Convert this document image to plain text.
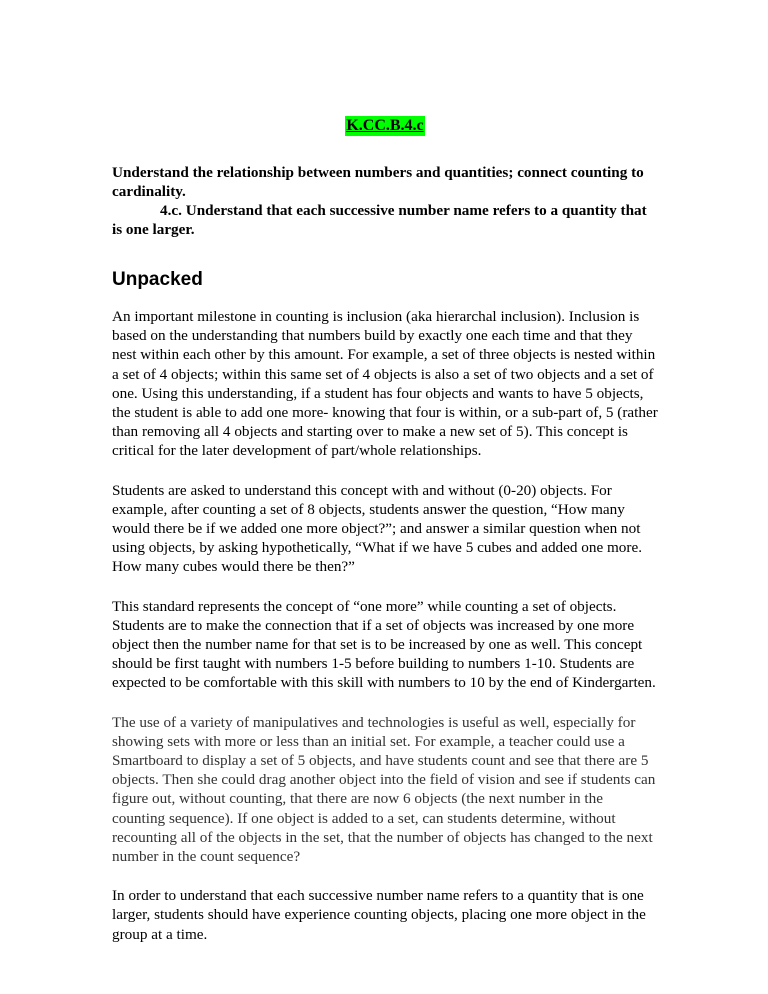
K.CC.B.4.c
Understand the relationship between numbers and quantities; connect counting to cardinality.
4.c. Understand that each successive number name refers to a quantity that is one larger.
Unpacked

An important milestone in counting is inclusion (aka hierarchal inclusion). Inclusion is based on the understanding that numbers build by exactly one each time and that they nest within each other by this amount. For example, a set of three objects is nested within a set of 4 objects; within this same set of 4 objects is also a set of two objects and a set of one. Using this understanding, if a student has four objects and wants to have 5 objects, the student is able to add one more- knowing that four is within, or a sub-part of, 5 (rather than removing all 4 objects and starting over to make a new set of 5). This concept is critical for the later development of part/whole relationships.

Students are asked to understand this concept with and without (0-20) objects. For example, after counting a set of 8 objects, students answer the question, “How many would there be if we added one more object?”; and answer a similar question when not using objects, by asking hypothetically, “What if we have 5 cubes and added one more. How many cubes would there be then?”

This standard represents the concept of “one more” while counting a set of objects. Students are to make the connection that if a set of objects was increased by one more object then the number name for that set is to be increased by one as well. This concept should be first taught with numbers 1-5 before building to numbers 1-10. Students are expected to be comfortable with this skill with numbers to 10 by the end of Kindergarten.

The use of a variety of manipulatives and technologies is useful as well, especially for showing sets with more or less than an initial set. For example, a teacher could use a Smartboard to display a set of 5 objects, and have students count and see that there are 5 objects. Then she could drag another object into the field of vision and see if students can figure out, without counting, that there are now 6 objects (the next number in the counting sequence). If one object is added to a set, can students determine, without recounting all of the objects in the set, that the number of objects has changed to the next number in the count sequence?

In order to understand that each successive number name refers to a quantity that is one larger, students should have experience counting objects, placing one more object in the group at a time.
